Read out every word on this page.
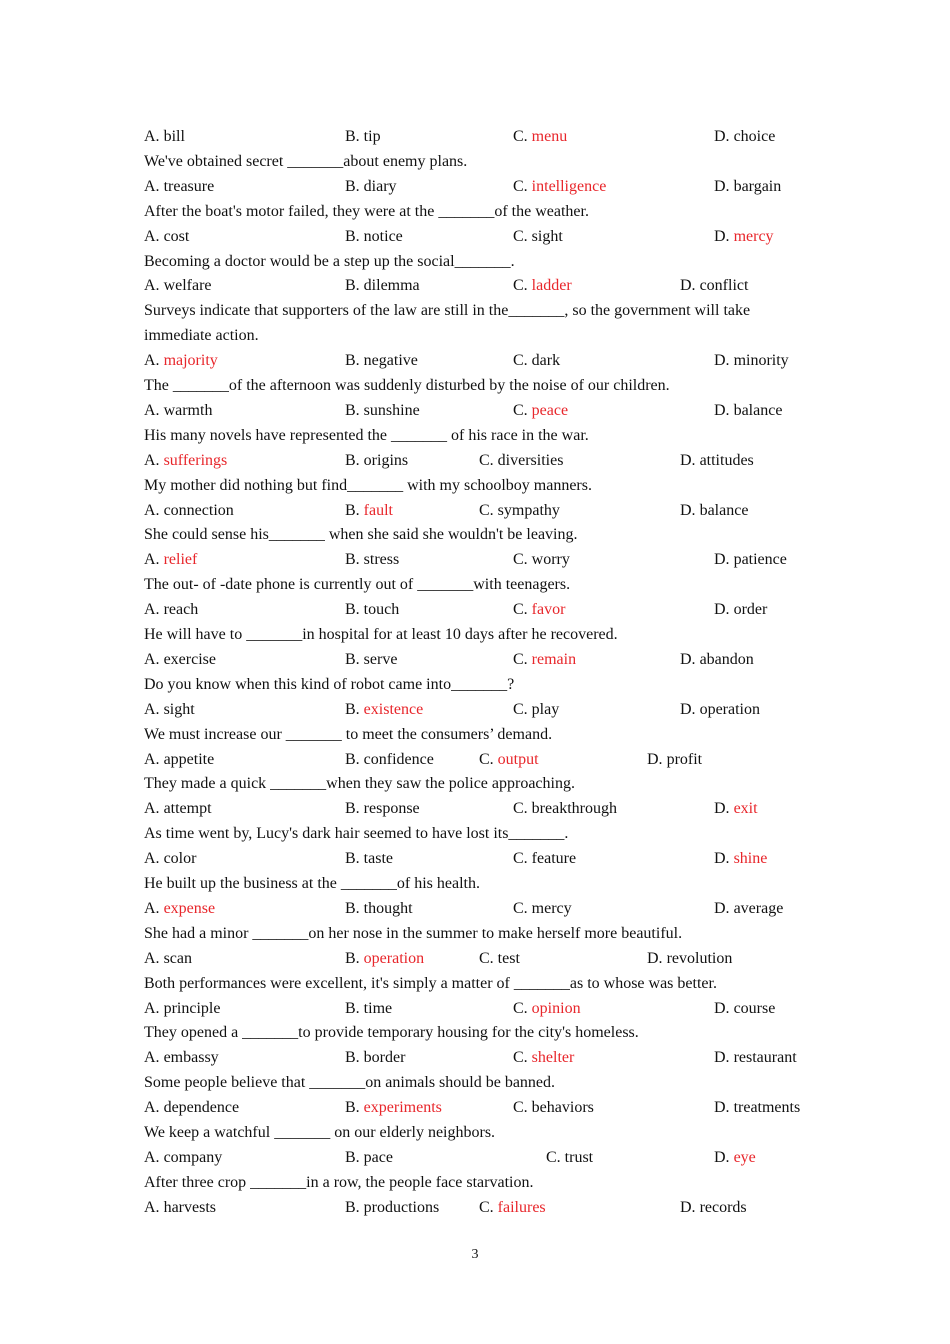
A. bill	B. tip	C. menu	D. choice
We've obtained secret _______about enemy plans.
A. treasure	B. diary	C. intelligence	D. bargain
After the boat's motor failed, they were at the _______of the weather.
A. cost	B. notice	C. sight	D. mercy
Becoming a doctor would be a step up the social_______.
A. welfare	B. dilemma	C. ladder	D. conflict
Surveys indicate that supporters of the law are still in the_______, so the government will take
immediate action.
A. majority	B. negative	C. dark	D. minority
The _______of the afternoon was suddenly disturbed by the noise of our children.
A. warmth	B. sunshine	C. peace	D. balance
His many novels have represented the _______ of his race in the war.
A. sufferings	B. origins	C. diversities	D. attitudes
My mother did nothing but find_______ with my schoolboy manners.
A. connection	B. fault	C. sympathy	D. balance
She could sense his_______ when she said she wouldn't be leaving.
A. relief	B. stress	C. worry	D. patience
The out- of -date phone is currently out of _______with teenagers.
A. reach	B. touch	C. favor	D. order
He will have to _______in hospital for at least 10 days after he recovered.
A. exercise	B. serve	C. remain	D. abandon
Do you know when this kind of robot came into_______?
A. sight	B. existence	C. play	D. operation
We must increase our _______ to meet the consumers’ demand.
A. appetite	B. confidence	C. output	D. profit
They made a quick _______when they saw the police approaching.
A. attempt	B. response	C. breakthrough	D. exit
As time went by, Lucy's dark hair seemed to have lost its_______.
A. color	B. taste	C. feature	D. shine
He built up the business at the _______of his health.
A. expense	B. thought	C. mercy	D. average
She had a minor _______on her nose in the summer to make herself more beautiful.
A. scan	B. operation	C. test	D. revolution
Both performances were excellent, it's simply a matter of _______as to whose was better.
A. principle	B. time	C. opinion	D. course
They opened a _______to provide temporary housing for the city's homeless.
A. embassy	B. border	C. shelter	D. restaurant
Some people believe that _______on animals should be banned.
A. dependence	B. experiments	C. behaviors	D. treatments
We keep a watchful _______ on our elderly neighbors.
A. company	B. pace	C. trust	D. eye
After three crop _______in a row, the people face starvation.
A. harvests	B. productions C. failures	D. records
3
